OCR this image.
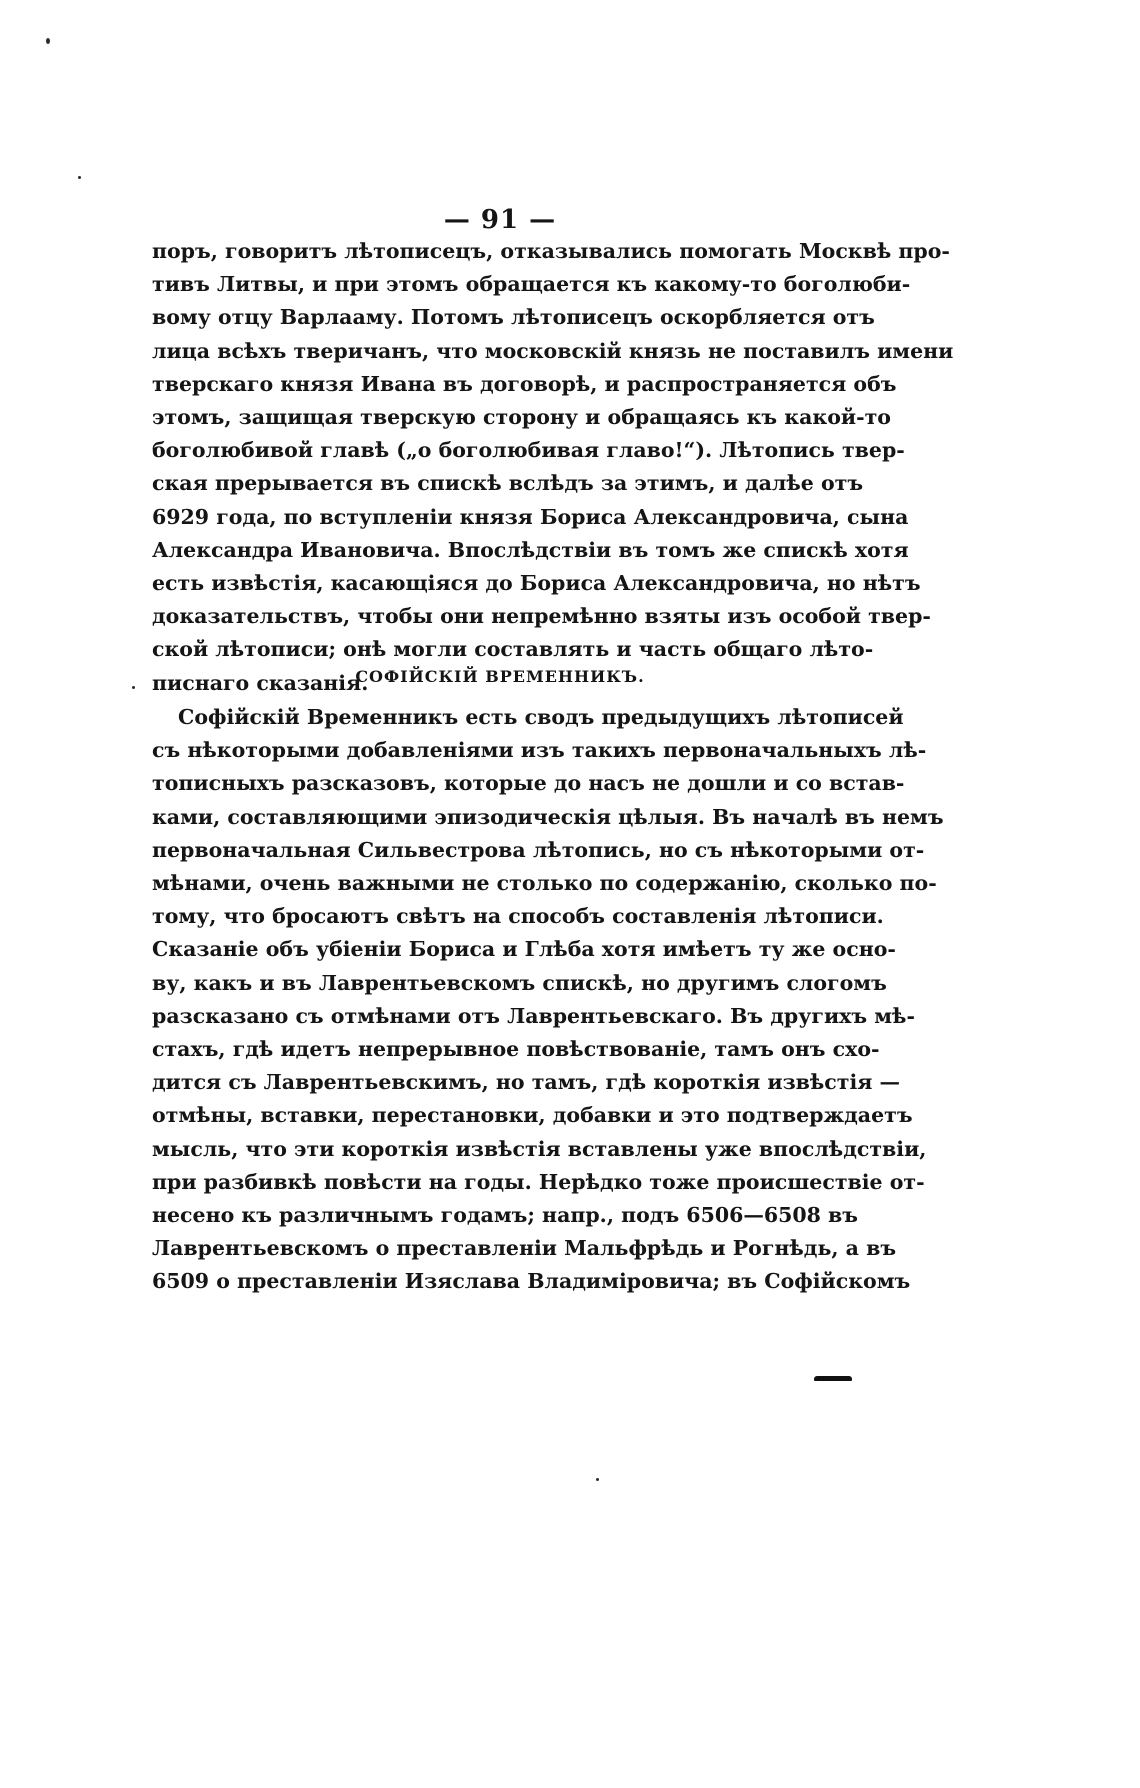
— 91 —
поръ, говоритъ лѣтописецъ, отказывались помогать Москвѣ про-
тивъ Литвы, и при этомъ обращается къ какому-то боголюби-
вому отцу Варлааму. Потомъ лѣтописецъ оскорбляется отъ
лица всѣхъ тверичанъ, что московскій князь не поставилъ имени
тверскаго князя Ивана въ договорѣ, и распространяется объ
этомъ, защищая тверскую сторону и обращаясь къ какой-то
боголюбивой главѣ („о боголюбивая главо!“). Лѣтопись твер-
ская прерывается въ спискѣ вслѣдъ за этимъ, и далѣе отъ
6929 года, по вступленіи князя Бориса Александровича, сына
Александра Ивановича. Впослѣдствіи въ томъ же спискѣ хотя
есть извѣстія, касающіяся до Бориса Александровича, но нѣтъ
доказательствъ, чтобы они непремѣнно взяты изъ особой твер-
ской лѣтописи; онѣ могли составлять и часть общаго лѣто-
писнаго сказанія.
СОФІЙСКІЙ ВРЕМЕННИКЪ.
Софійскій Временникъ есть сводъ предыдущихъ лѣтописей
съ нѣкоторыми добавленіями изъ такихъ первоначальныхъ лѣ-
тописныхъ разсказовъ, которые до насъ не дошли и со встав-
ками, составляющими эпизодическія цѣлыя. Въ началѣ въ немъ
первоначальная Сильвестрова лѣтопись, но съ нѣкоторыми от-
мѣнами, очень важными не столько по содержанію, сколько по-
тому, что бросаютъ свѣтъ на способъ составленія лѣтописи.
Сказаніе объ убіеніи Бориса и Глѣба хотя имѣетъ ту же осно-
ву, какъ и въ Лаврентьевскомъ спискѣ, но другимъ слогомъ
разсказано съ отмѣнами отъ Лаврентьевскаго. Въ другихъ мѣ-
стахъ, гдѣ идетъ непрерывное повѣствованіе, тамъ онъ схо-
дится съ Лаврентьевскимъ, но тамъ, гдѣ короткія извѣстія —
отмѣны, вставки, перестановки, добавки и это подтверждаетъ
мысль, что эти короткія извѣстія вставлены уже впослѣдствіи,
при разбивкѣ повѣсти на годы. Нерѣдко тоже происшествіе от-
несено къ различнымъ годамъ; напр., подъ 6506—6508 въ
Лаврентьевскомъ о преставленіи Мальфрѣдь и Рогнѣдь, а въ
6509 о преставленіи Изяслава Владиміровича; въ Софійскомъ
